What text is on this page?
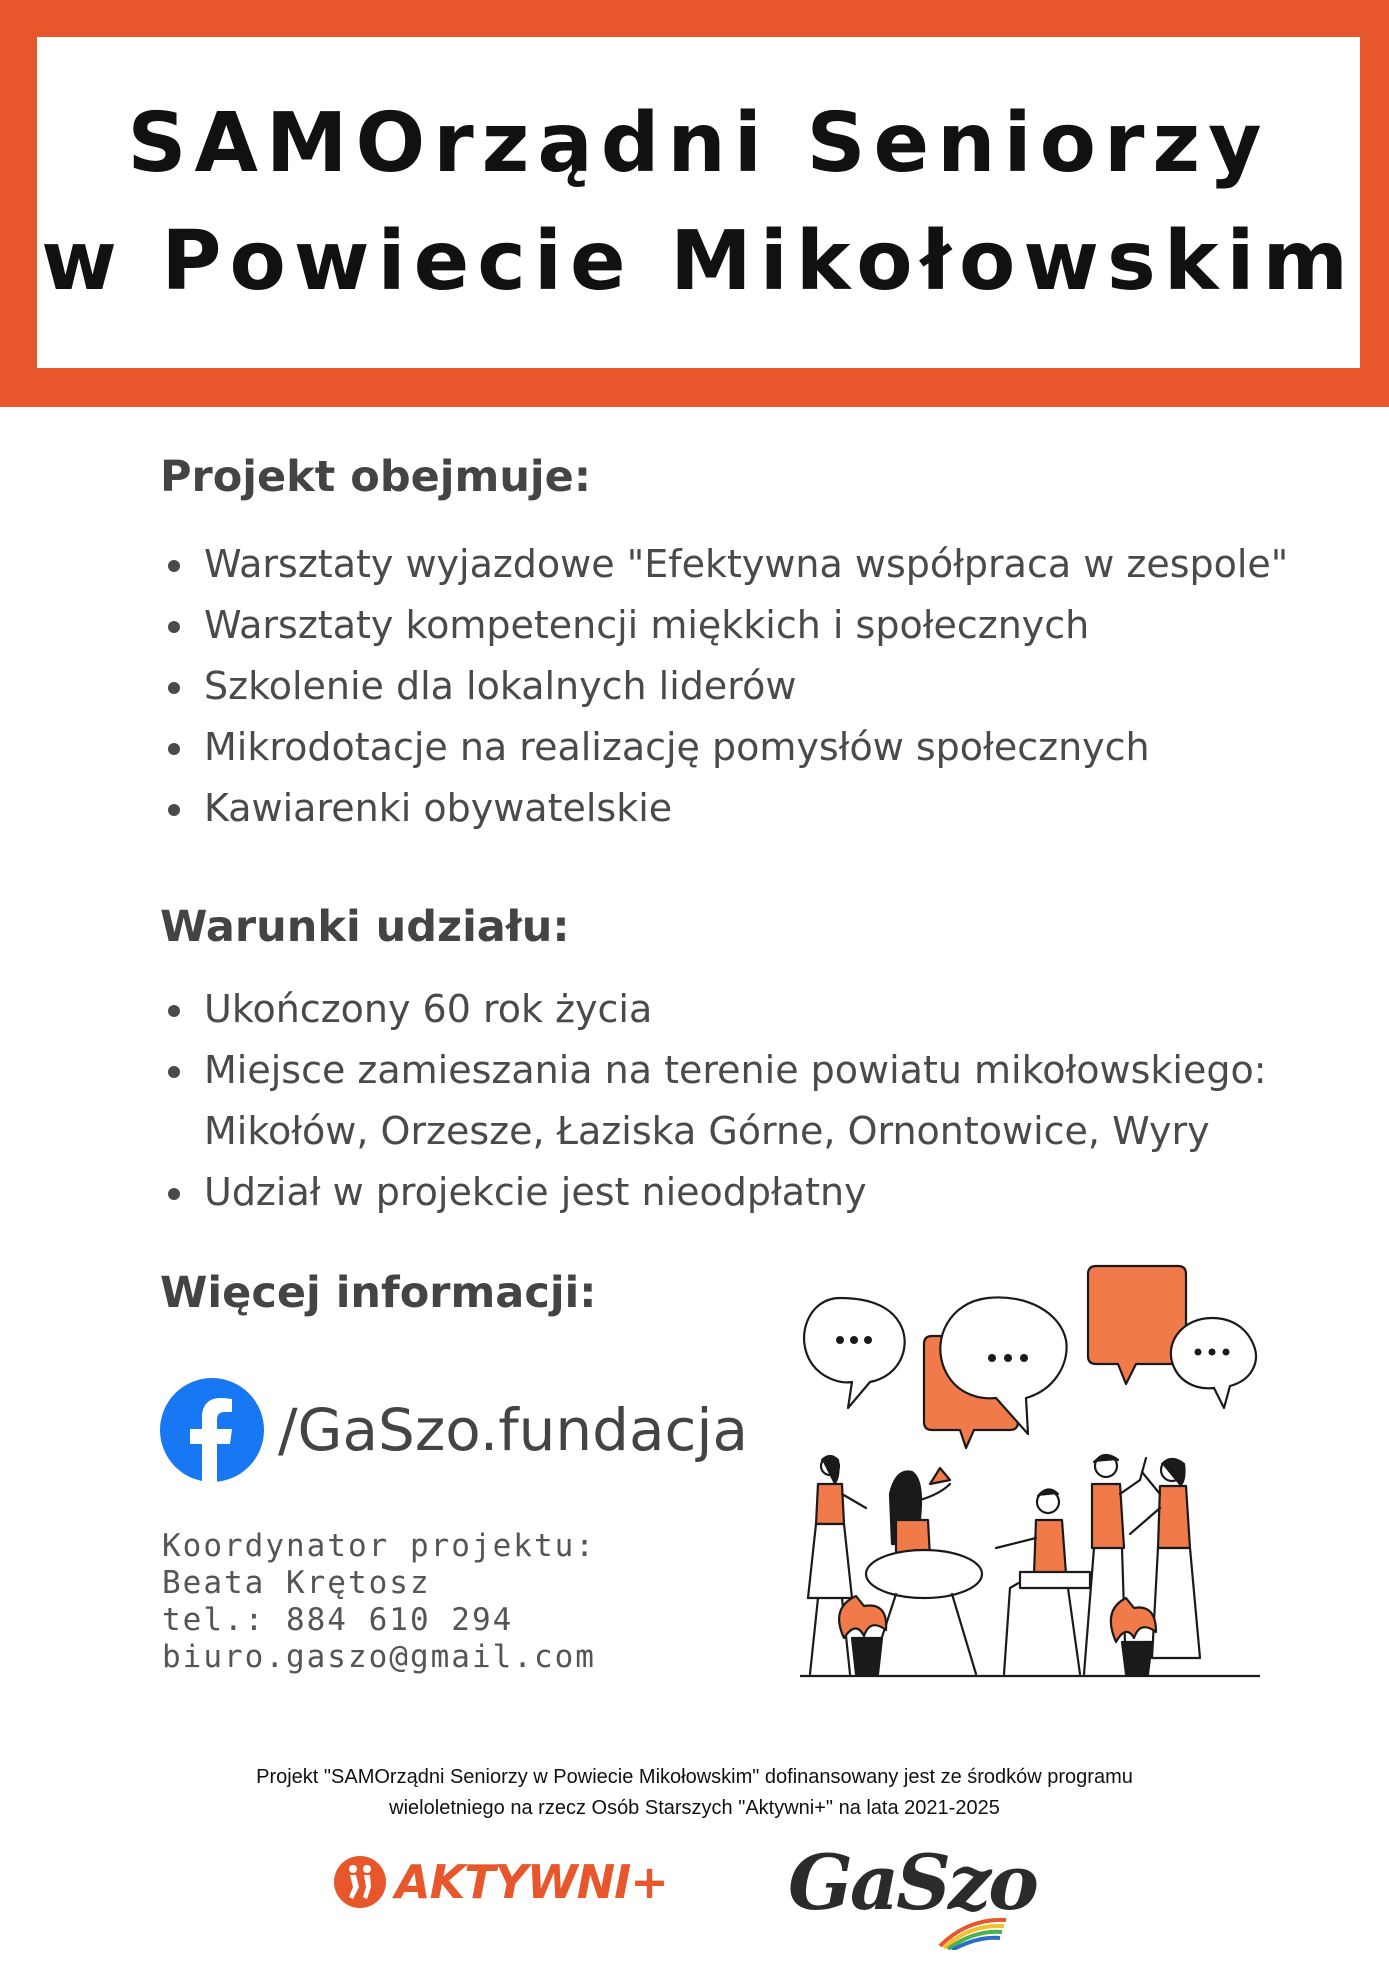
SAMOrządni Seniorzy
w Powiecie Mikołowskim
Projekt obejmuje:
Warsztaty wyjazdowe "Efektywna współpraca w zespole"
Warsztaty kompetencji miękkich i społecznych
Szkolenie dla lokalnych liderów
Mikrodotacje na realizację pomysłów społecznych
Kawiarenki obywatelskie
Warunki udziału:
Ukończony 60 rok życia
Miejsce zamieszania na terenie powiatu mikołowskiego:
Mikołów, Orzesze, Łaziska Górne, Ornontowice, Wyry
Udział w projekcie jest nieodpłatny
Więcej informacji:
/GaSzo.fundacja
Koordynator projektu:
Beata Krętosz
tel.: 884 610 294
biuro.gaszo@gmail.com
Projekt "SAMOrządni Seniorzy w Powiecie Mikołowskim" dofinansowany jest ze środków programu
wieloletniego na rzecz Osób Starszych "Aktywni+" na lata 2021-2025
AKTYWNI+ GaSzo
